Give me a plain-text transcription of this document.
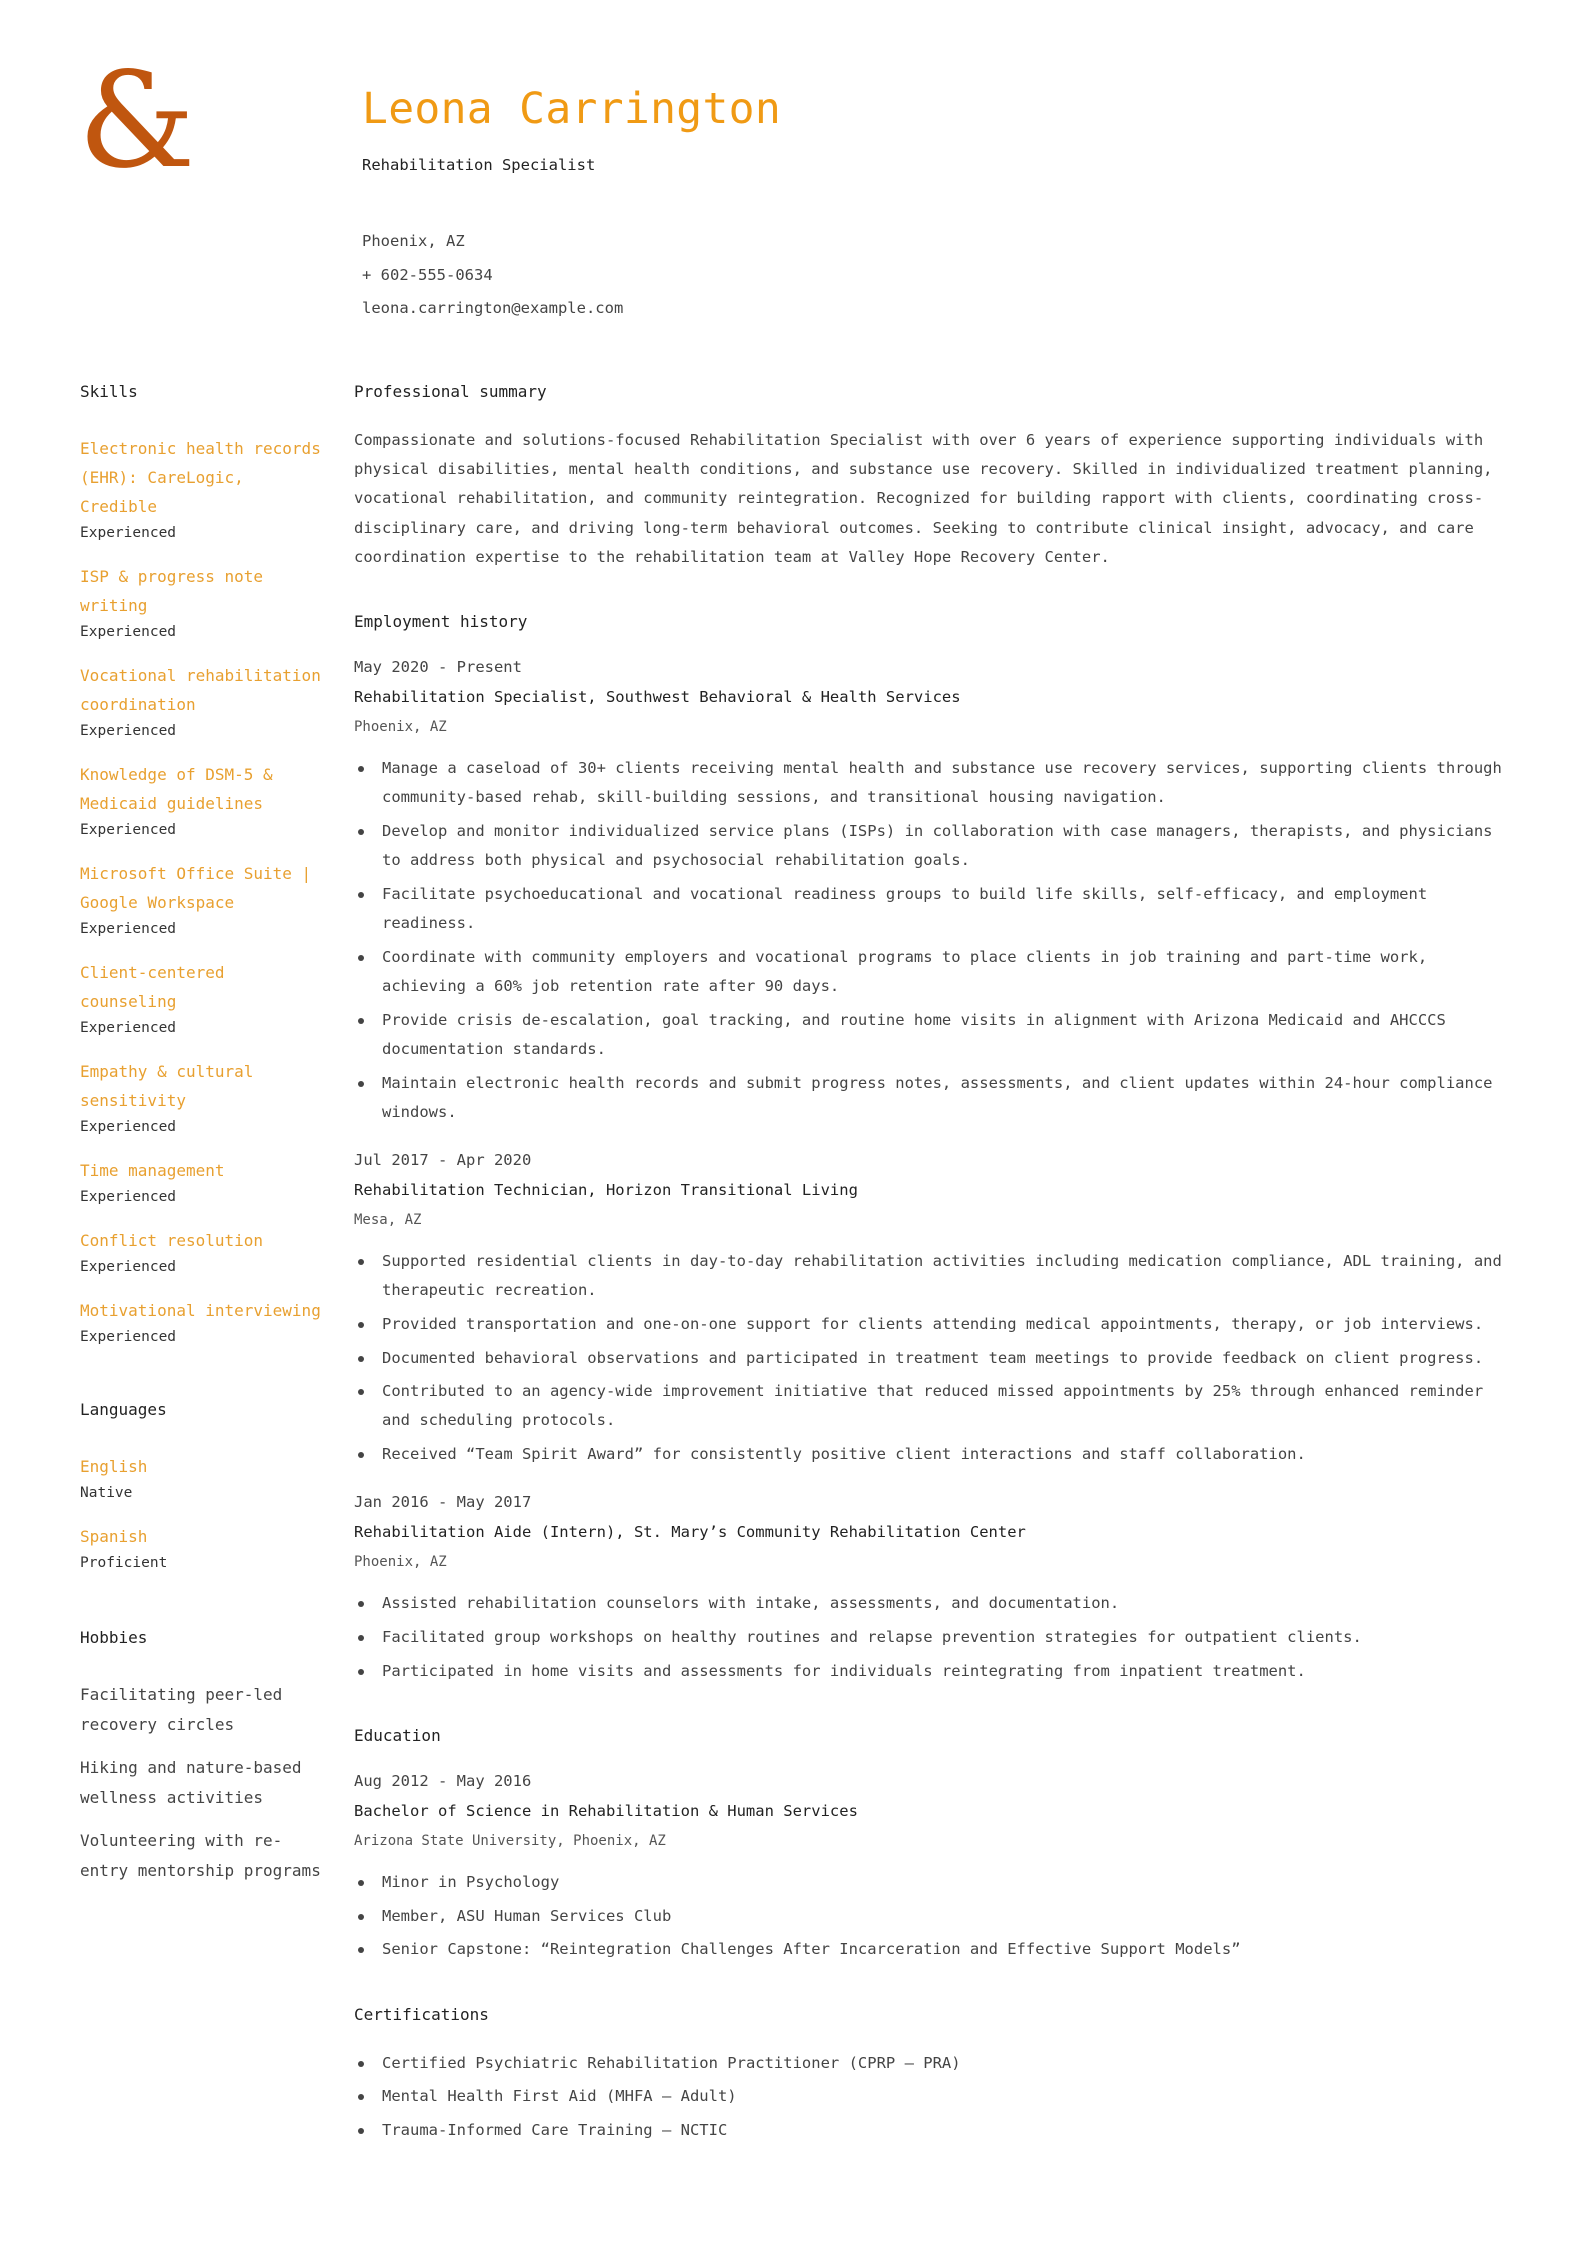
&	Leona Carrington
Rehabilitation Specialist
Phoenix, AZ
+ 602-555-0634
leona.carrington@example.com
Skills
Electronic health records (EHR): CareLogic, Credible
Experienced
ISP & progress note writing
Experienced
Vocational rehabilitation coordination
Experienced
Knowledge of DSM-5 & Medicaid guidelines
Experienced
Microsoft Office Suite | Google Workspace
Experienced
Client-centered counseling
Experienced
Empathy & cultural sensitivity
Experienced
Time management
Experienced
Conflict resolution
Experienced
Motivational interviewing
Experienced
Languages
English
Native
Spanish
Proficient
Hobbies
Facilitating peer-led recovery circles
Hiking and nature-based wellness activities
Volunteering with re-entry mentorship programs
Professional summary
Compassionate and solutions-focused Rehabilitation Specialist with over 6 years of experience supporting individuals with physical disabilities, mental health conditions, and substance use recovery. Skilled in individualized treatment planning, vocational rehabilitation, and community reintegration. Recognized for building rapport with clients, coordinating cross-disciplinary care, and driving long-term behavioral outcomes. Seeking to contribute clinical insight, advocacy, and care coordination expertise to the rehabilitation team at Valley Hope Recovery Center.
Employment history
May 2020 - Present
Rehabilitation Specialist, Southwest Behavioral & Health Services
Phoenix, AZ
Manage a caseload of 30+ clients receiving mental health and substance use recovery services, supporting clients through community-based rehab, skill-building sessions, and transitional housing navigation.
Develop and monitor individualized service plans (ISPs) in collaboration with case managers, therapists, and physicians to address both physical and psychosocial rehabilitation goals.
Facilitate psychoeducational and vocational readiness groups to build life skills, self-efficacy, and employment readiness.
Coordinate with community employers and vocational programs to place clients in job training and part-time work, achieving a 60% job retention rate after 90 days.
Provide crisis de-escalation, goal tracking, and routine home visits in alignment with Arizona Medicaid and AHCCCS documentation standards.
Maintain electronic health records and submit progress notes, assessments, and client updates within 24-hour compliance windows.
Jul 2017 - Apr 2020
Rehabilitation Technician, Horizon Transitional Living
Mesa, AZ
Supported residential clients in day-to-day rehabilitation activities including medication compliance, ADL training, and therapeutic recreation.
Provided transportation and one-on-one support for clients attending medical appointments, therapy, or job interviews.
Documented behavioral observations and participated in treatment team meetings to provide feedback on client progress.
Contributed to an agency-wide improvement initiative that reduced missed appointments by 25% through enhanced reminder and scheduling protocols.
Received “Team Spirit Award” for consistently positive client interactions and staff collaboration.
Jan 2016 - May 2017
Rehabilitation Aide (Intern), St. Mary’s Community Rehabilitation Center
Phoenix, AZ
Assisted rehabilitation counselors with intake, assessments, and documentation.
Facilitated group workshops on healthy routines and relapse prevention strategies for outpatient clients.
Participated in home visits and assessments for individuals reintegrating from inpatient treatment.
Education
Aug 2012 - May 2016
Bachelor of Science in Rehabilitation & Human Services
Arizona State University, Phoenix, AZ
Minor in Psychology
Member, ASU Human Services Club
Senior Capstone: “Reintegration Challenges After Incarceration and Effective Support Models”
Certifications
Certified Psychiatric Rehabilitation Practitioner (CPRP – PRA)
Mental Health First Aid (MHFA – Adult)
Trauma-Informed Care Training – NCTIC
